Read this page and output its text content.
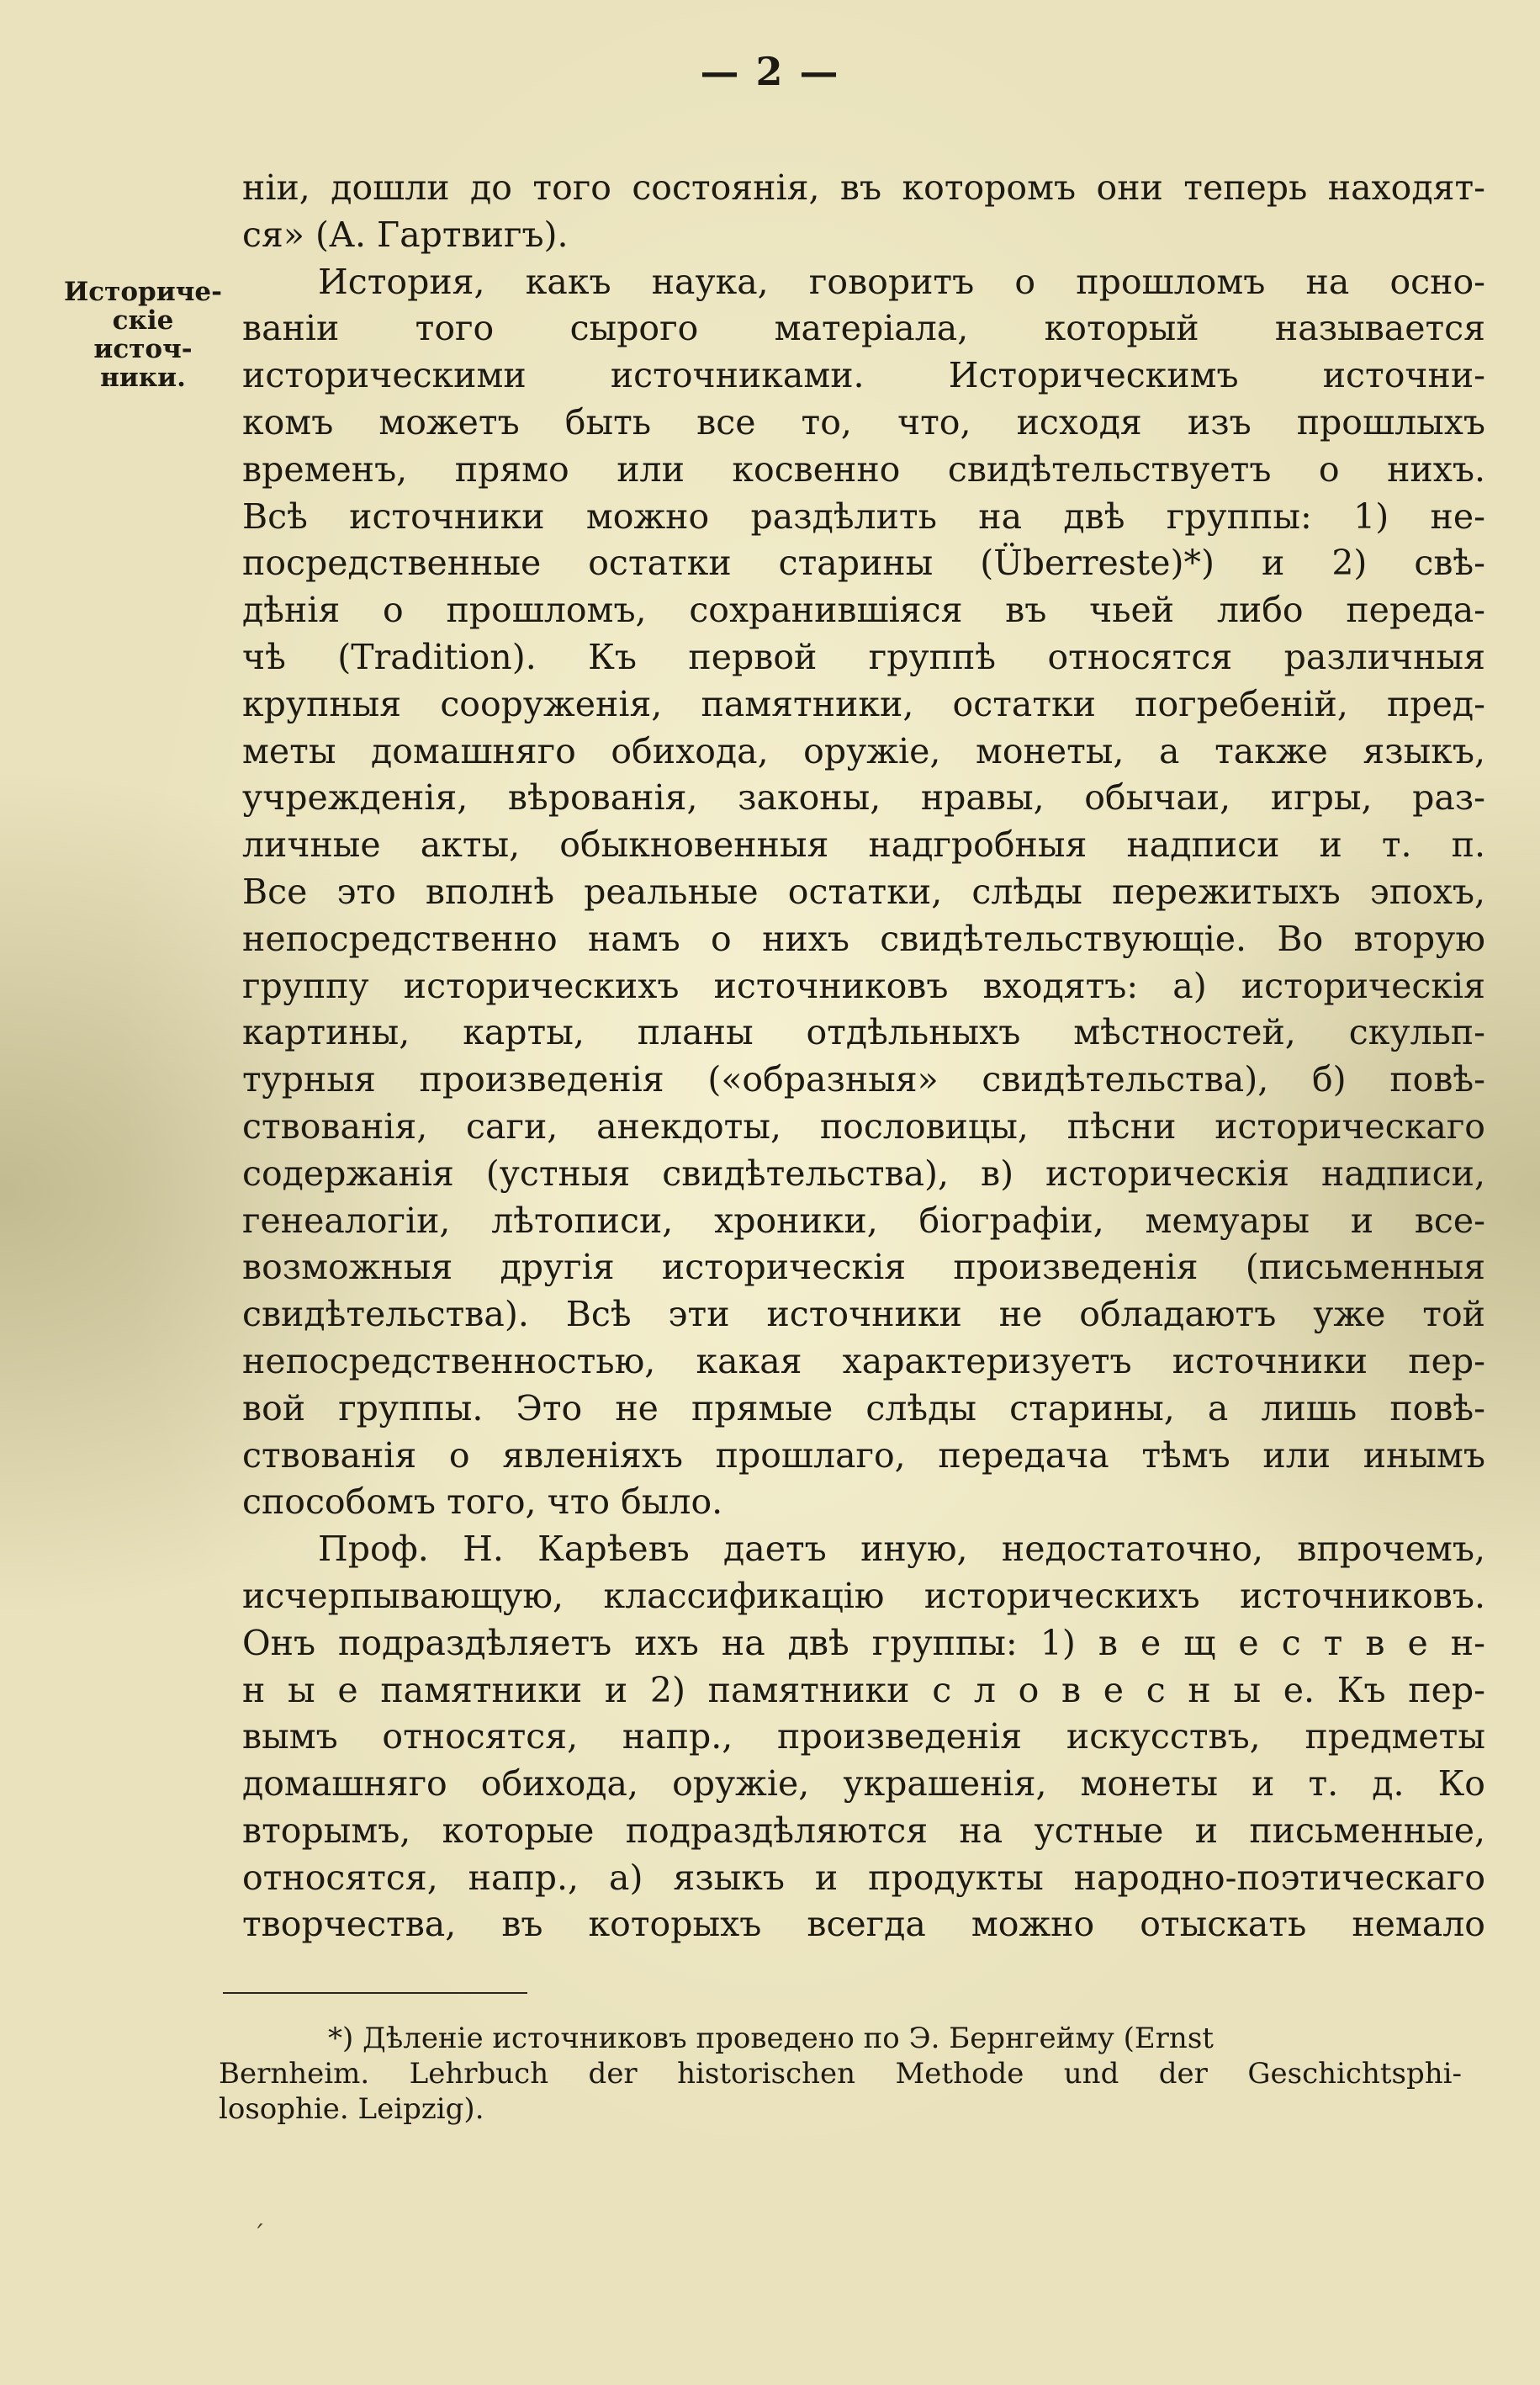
— 2 —
Историче-
скіе источ-
ники.
ніи, дошли до того состоянія, въ которомъ они теперь находят-
ся» (А. Гартвигъ).
История, какъ наука, говоритъ о прошломъ на осно-
ваніи того сырого матеріала, который называется
историческими источниками. Историческимъ источни-
комъ можетъ быть все то, что, исходя изъ прошлыхъ
временъ, прямо или косвенно свидѣтельствуетъ о нихъ.
Всѣ источники можно раздѣлить на двѣ группы: 1) не-
посредственные остатки старины (Überreste)*) и 2) свѣ-
дѣнія о прошломъ, сохранившіяся въ чьей либо переда-
чѣ (Tradition). Къ первой группѣ относятся различныя
крупныя сооруженія, памятники, остатки погребеній, пред-
меты домашняго обихода, оружіе, монеты, а также языкъ,
учрежденія, вѣрованія, законы, нравы, обычаи, игры, раз-
личные акты, обыкновенныя надгробныя надписи и т. п.
Все это вполнѣ реальные остатки, слѣды пережитыхъ эпохъ,
непосредственно намъ о нихъ свидѣтельствующіе. Во вторую
группу историческихъ источниковъ входятъ: а) историческія
картины, карты, планы отдѣльныхъ мѣстностей, скульп-
турныя произведенія («образныя» свидѣтельства), б) повѣ-
ствованія, саги, анекдоты, пословицы, пѣсни историческаго
содержанія (устныя свидѣтельства), в) историческія надписи,
генеалогіи, лѣтописи, хроники, біографіи, мемуары и все-
возможныя другія историческія произведенія (письменныя
свидѣтельства). Всѣ эти источники не обладаютъ уже той
непосредственностью, какая характеризуетъ источники пер-
вой группы. Это не прямые слѣды старины, а лишь повѣ-
ствованія о явленіяхъ прошлаго, передача тѣмъ или инымъ
способомъ того, что было.
Проф. Н. Карѣевъ даетъ иную, недостаточно, впрочемъ,
исчерпывающую, классификацію историческихъ источниковъ.
Онъ подраздѣляетъ ихъ на двѣ группы: 1) в е щ е с т в е н-
н ы е памятники и 2) памятники с л о в е с н ы е. Къ пер-
вымъ относятся, напр., произведенія искусствъ, предметы
домашняго обихода, оружіе, украшенія, монеты и т. д. Ко
вторымъ, которые подраздѣляются на устные и письменные,
относятся, напр., а) языкъ и продукты народно-поэтическаго
творчества, въ которыхъ всегда можно отыскать немало
*) Дѣленіе источниковъ проведено по Э. Бернгейму (Ernst
Bernheim. Lehrbuch der historischen Methode und der Geschichtsphi-
losophie. Leipzig).
´
